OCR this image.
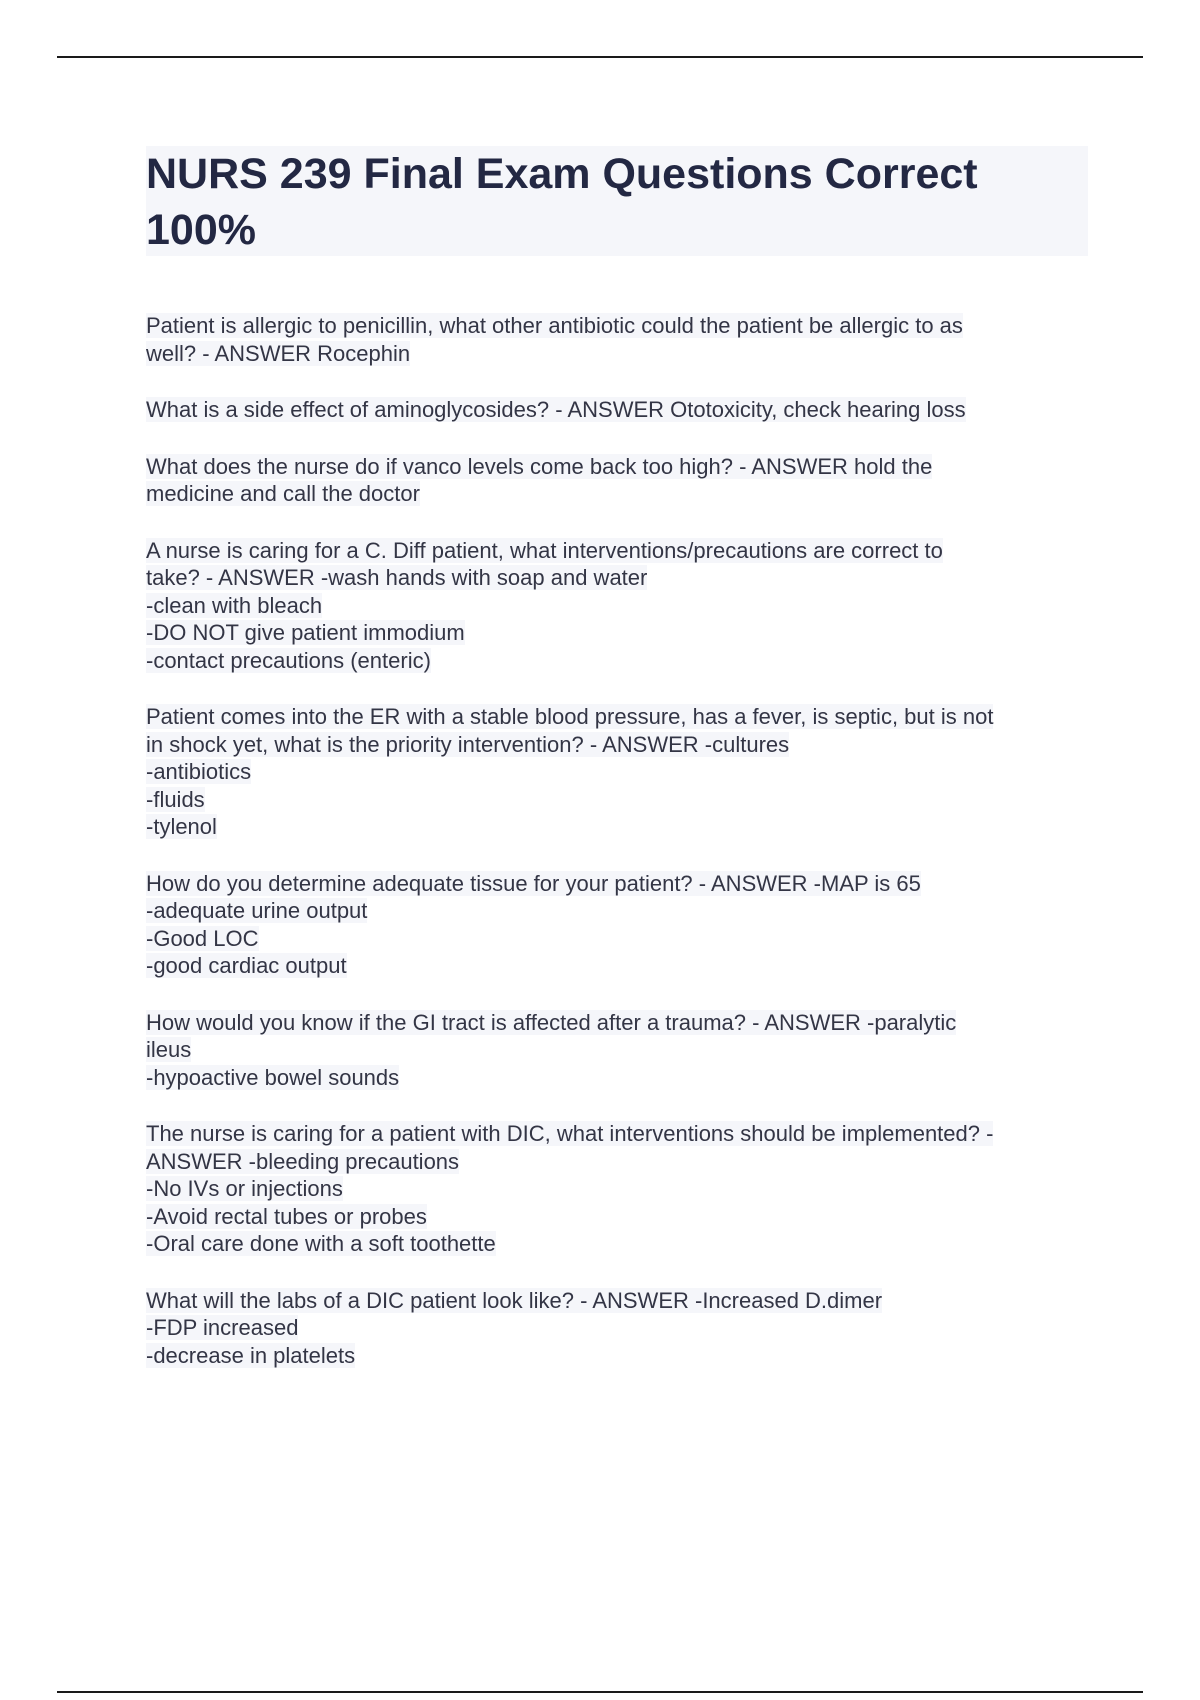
NURS 239 Final Exam Questions Correct
100%
Patient is allergic to penicillin, what other antibiotic could the patient be allergic to as
well? - ANSWER Rocephin
What is a side effect of aminoglycosides? - ANSWER Ototoxicity, check hearing loss
What does the nurse do if vanco levels come back too high? - ANSWER hold the
medicine and call the doctor
A nurse is caring for a C. Diff patient, what interventions/precautions are correct to
take? - ANSWER -wash hands with soap and water
-clean with bleach
-DO NOT give patient immodium
-contact precautions (enteric)
Patient comes into the ER with a stable blood pressure, has a fever, is septic, but is not
in shock yet, what is the priority intervention? - ANSWER -cultures
-antibiotics
-fluids
-tylenol
How do you determine adequate tissue for your patient? - ANSWER -MAP is 65
-adequate urine output
-Good LOC
-good cardiac output
How would you know if the GI tract is affected after a trauma? - ANSWER -paralytic
ileus
-hypoactive bowel sounds
The nurse is caring for a patient with DIC, what interventions should be implemented? -
ANSWER -bleeding precautions
-No IVs or injections
-Avoid rectal tubes or probes
-Oral care done with a soft toothette
What will the labs of a DIC patient look like? - ANSWER -Increased D.dimer
-FDP increased
-decrease in platelets
